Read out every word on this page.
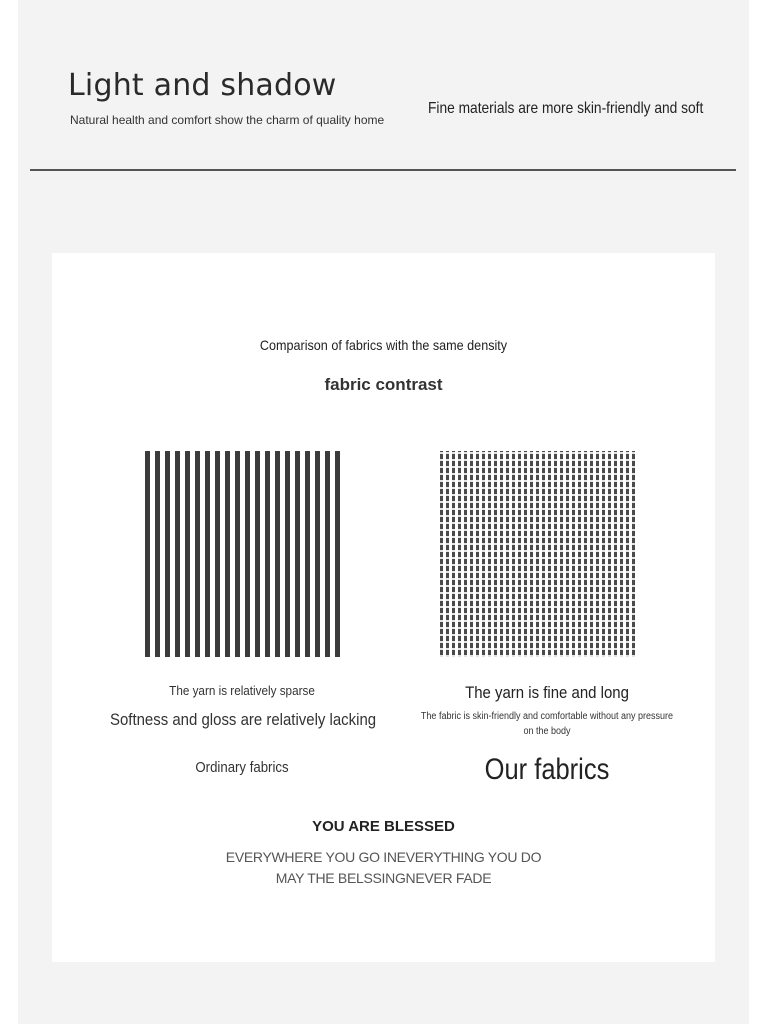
Light and shadow
Natural health and comfort show the charm of quality home
Fine materials are more skin-friendly and soft
Comparison of fabrics with the same density
fabric contrast
The yarn is relatively sparse
Softness and gloss are relatively lacking
Ordinary fabrics
The yarn is fine and long
The fabric is skin-friendly and comfortable without any pressure on the body
Our fabrics
YOU ARE BLESSED
EVERYWHERE YOU GO INEVERYTHING YOU DO
MAY THE BELSSINGNEVER FADE
